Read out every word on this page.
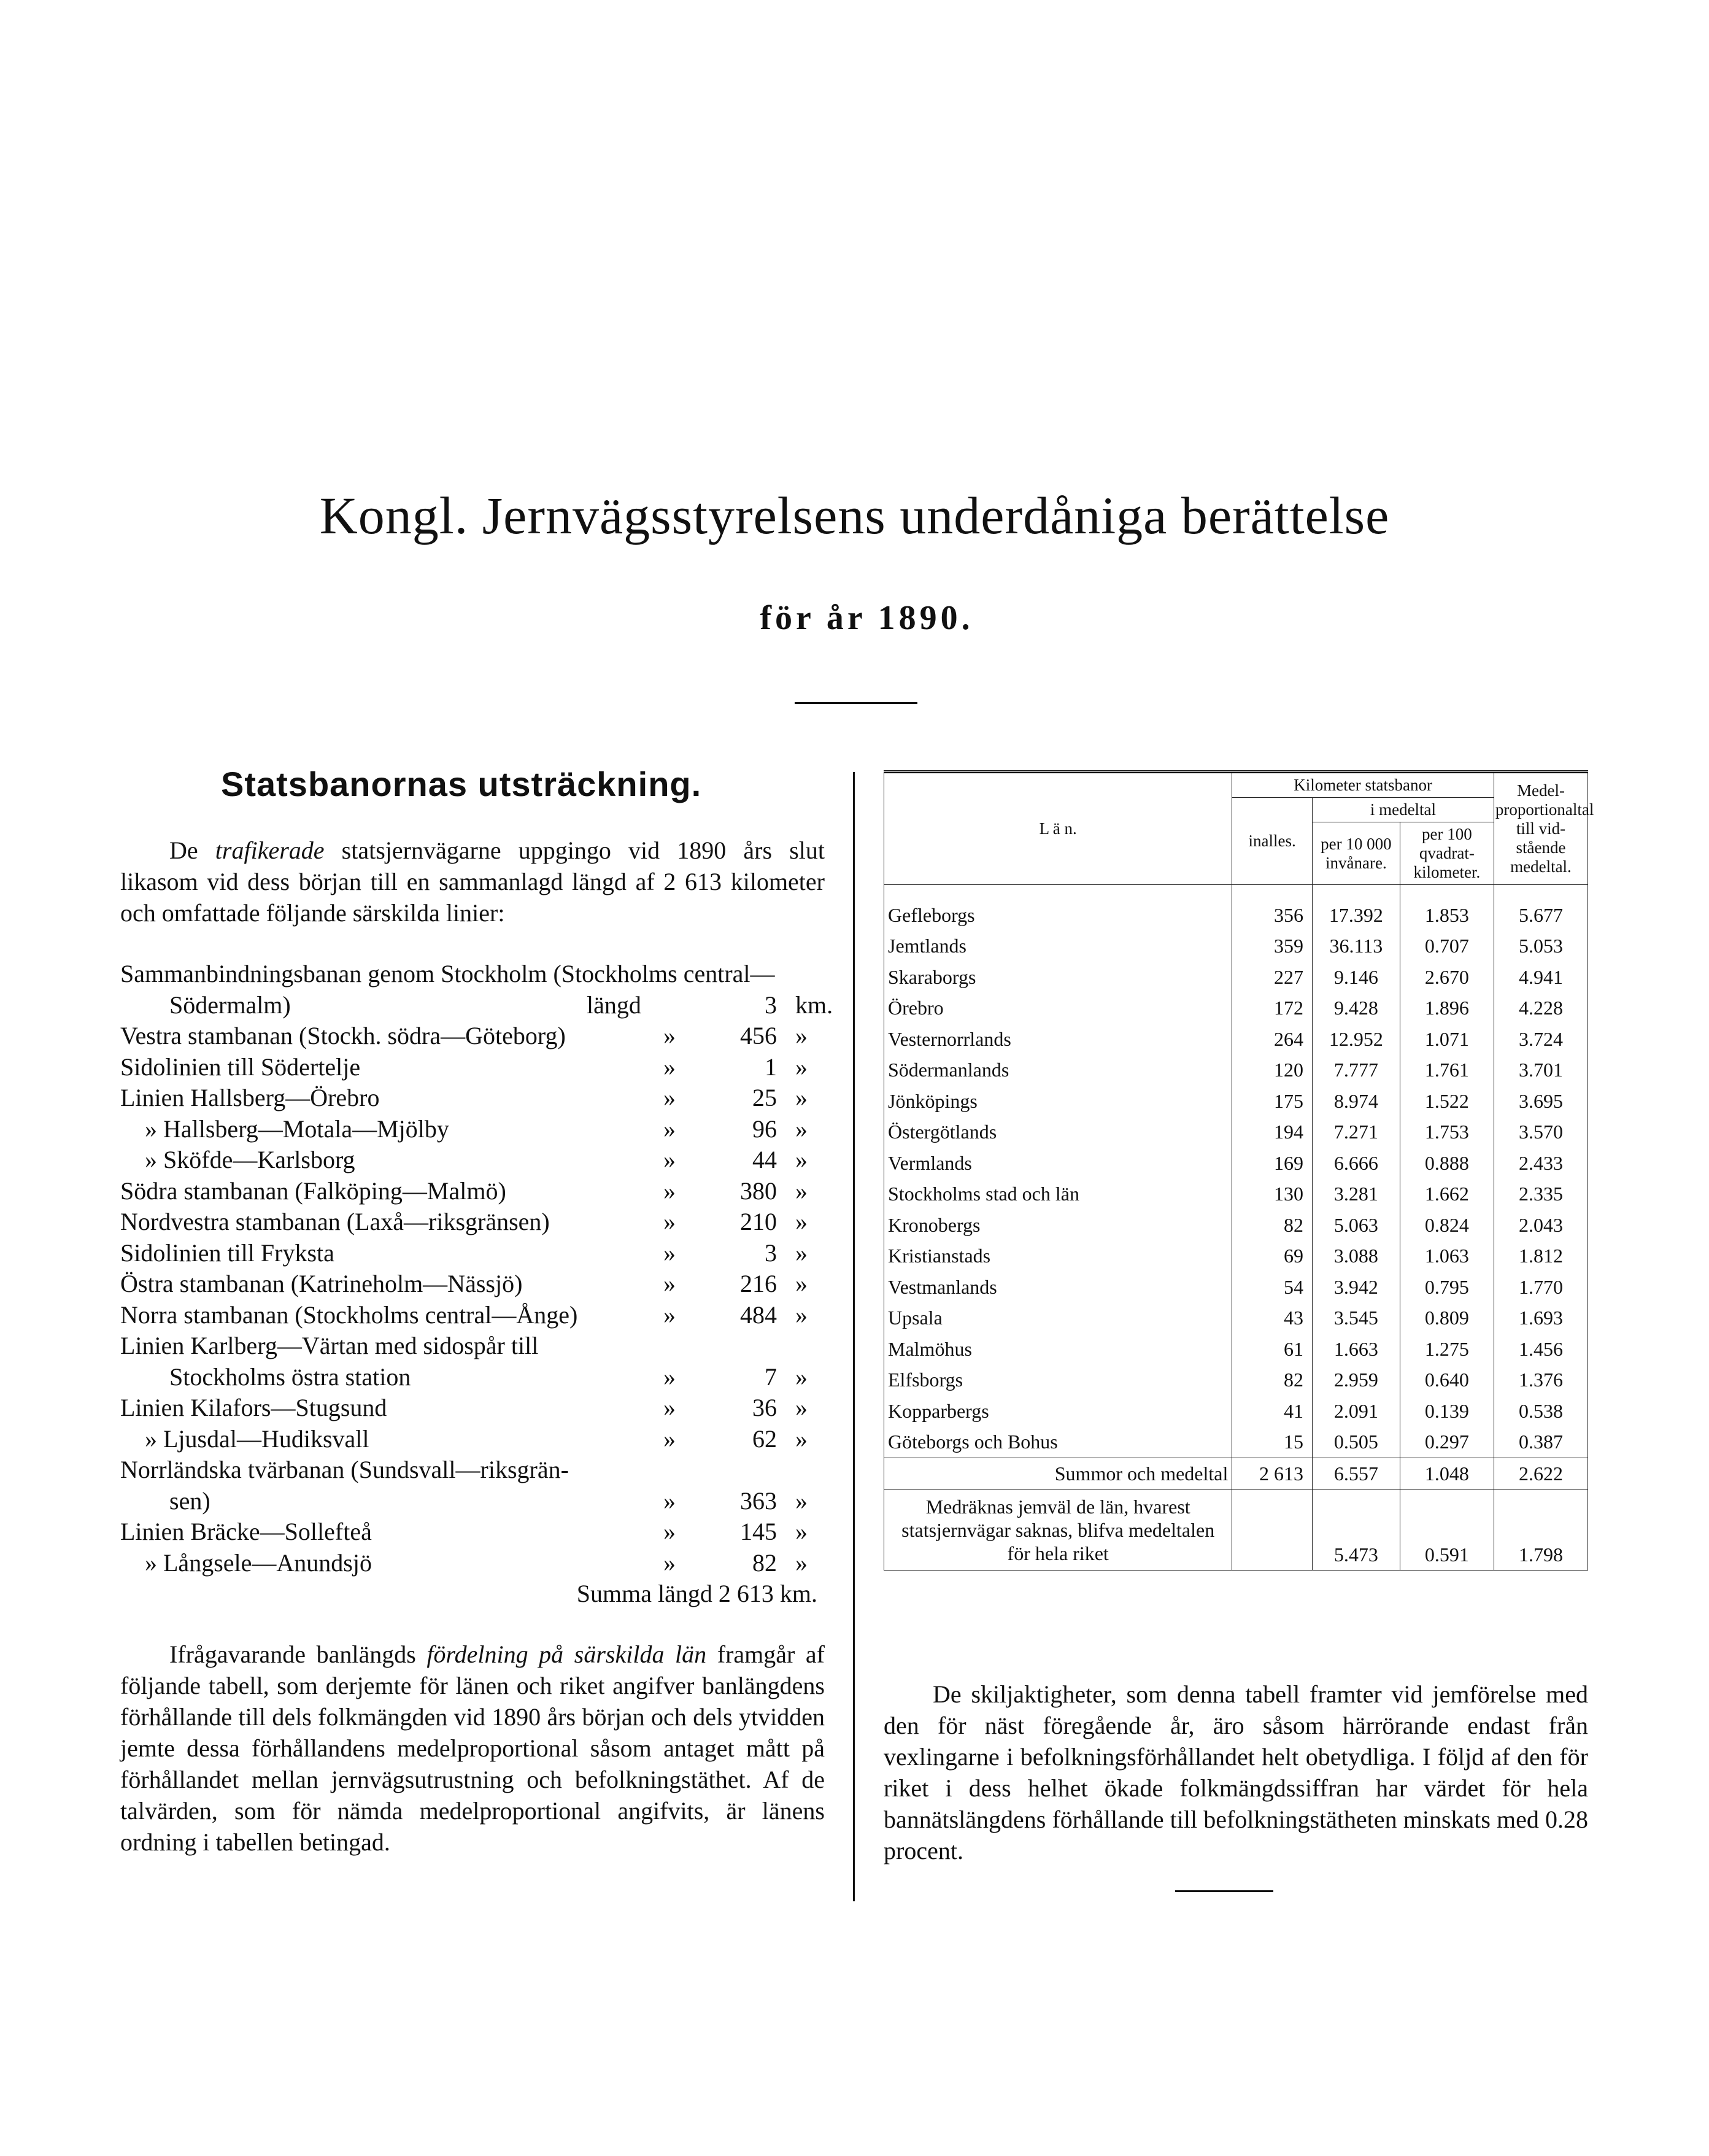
Kongl. Jernvägsstyrelsens underdåniga berättelse
för år 1890.
Statsbanornas utsträckning.

De trafikerade statsjernvägarne uppgingo vid 1890 års slut likasom vid dess början till en sammanlagd längd af 2 613 kilometer och omfattade följande särskilda linier:

Sammanbindningsbanan genom Stockholm (Stockholms central—

Södermalm)	längd	3 km.
Vestra stambanan (Stockh. södra—Göteborg)	»	456 »
Sidolinien till Södertelje	»	1 »
Linien Hallsberg—Örebro	»	25 »
» Hallsberg—Motala—Mjölby	»	96 »
» Sköfde—Karlsborg	»	44 »
Södra stambanan (Falköping—Malmö)	»	380 »
Nordvestra stambanan (Laxå—riksgränsen)	»	210 »
Sidolinien till Fryksta	»	3 »
Östra stambanan (Katrineholm—Nässjö)	»	216 »
Norra stambanan (Stockholms central—Ånge)	»	484 »
Linien Karlberg—Värtan med sidospår till
Stockholms östra station	»	7 »
Linien Kilafors—Stugsund	»	36 »
» Ljusdal—Hudiksvall	»	62 »
Norrländska tvärbanan (Sundsvall—riksgrän-
sen)	»	363 »
Linien Bräcke—Sollefteå	»	145 »
» Långsele—Anundsjö	»	82 »
Summa längd 2 613 km.

Ifrågavarande banlängds fördelning på särskilda län framgår af följande tabell, som derjemte för länen och riket angifver banlängdens förhållande till dels folkmängden vid 1890 års början och dels ytvidden jemte dessa förhållandens medelproportional såsom antaget mått på förhållandet mellan jernvägsutrustning och befolkningstäthet. Af de talvärden, som för nämda medelproportional angifvits, är länens ordning i tabellen betingad.

L ä n.	Kilometer statsbanor			Medel-proportionaltal till vid-stående medeltal.
	inalles.	i medeltal		
		per 10 000 invånare.	per 100 qvadrat-kilometer.	

Gefleborgs	356	17.392	1.853	5.677
Jemtlands	359	36.113	0.707	5.053
Skaraborgs	227	9.146	2.670	4.941
Örebro	172	9.428	1.896	4.228
Vesternorrlands	264	12.952	1.071	3.724
Södermanlands	120	7.777	1.761	3.701
Jönköpings	175	8.974	1.522	3.695
Östergötlands	194	7.271	1.753	3.570
Vermlands	169	6.666	0.888	2.433
Stockholms stad och län	130	3.281	1.662	2.335
Kronobergs	82	5.063	0.824	2.043
Kristianstads	69	3.088	1.063	1.812
Vestmanlands	54	3.942	0.795	1.770
Upsala	43	3.545	0.809	1.693
Malmöhus	61	1.663	1.275	1.456
Elfsborgs	82	2.959	0.640	1.376
Kopparbergs	41	2.091	0.139	0.538
Göteborgs och Bohus	15	0.505	0.297	0.387
Summor och medeltal	2 613	6.557	1.048	2.622
Medräknas jemväl de län, hvarest statsjernvägar saknas, blifva medeltalen för hela riket		5.473	0.591	1.798

De skiljaktigheter, som denna tabell framter vid jemförelse med den för näst föregående år, äro såsom härrörande endast från vexlingarne i befolkningsförhållandet helt obetydliga. I följd af den för riket i dess helhet ökade folkmängdssiffran har värdet för hela bannätslängdens förhållande till befolkningstätheten minskats med 0.28 procent.
